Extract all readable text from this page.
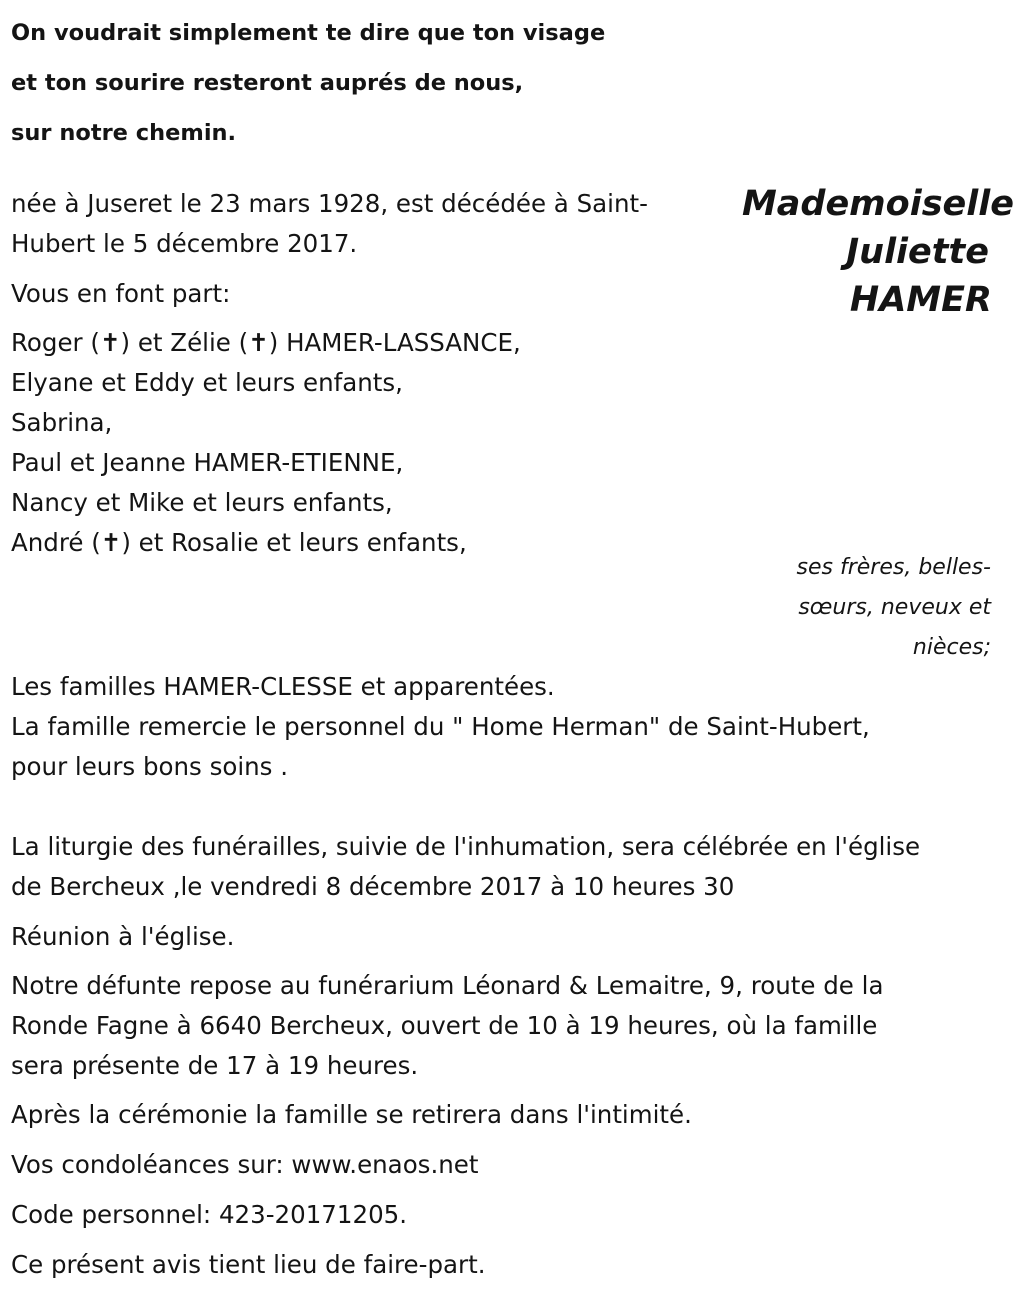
On voudrait simplement te dire que ton visage
et ton sourire resteront auprés de nous,
sur notre chemin.
Mademoiselle
Juliette
HAMER

née à Juseret le 23 mars 1928, est décédée à Saint-

Hubert le 5 décembre 2017.

Vous en font part:

Roger (✝) et Zélie (✝) HAMER-LASSANCE,

Elyane et Eddy et leurs enfants,

Sabrina,

Paul et Jeanne HAMER-ETIENNE,

Nancy et Mike et leurs enfants,

André (✝) et Rosalie et leurs enfants,

ses frères, belles-
sœurs, neveux et
nièces;

Les familles HAMER-CLESSE et apparentées.

La famille remercie le personnel du " Home Herman" de Saint-Hubert,

pour leurs bons soins .

La liturgie des funérailles, suivie de l'inhumation, sera célébrée en l'église

de Bercheux ,le vendredi 8 décembre 2017 à 10 heures 30

Réunion à l'église.

Notre défunte repose au funérarium Léonard & Lemaitre, 9, route de la

Ronde Fagne à 6640 Bercheux, ouvert de 10 à 19 heures, où la famille

sera présente de 17 à 19 heures.

Après la cérémonie la famille se retirera dans l'intimité.

Vos condoléances sur: www.enaos.net

Code personnel: 423-20171205.

Ce présent avis tient lieu de faire-part.
